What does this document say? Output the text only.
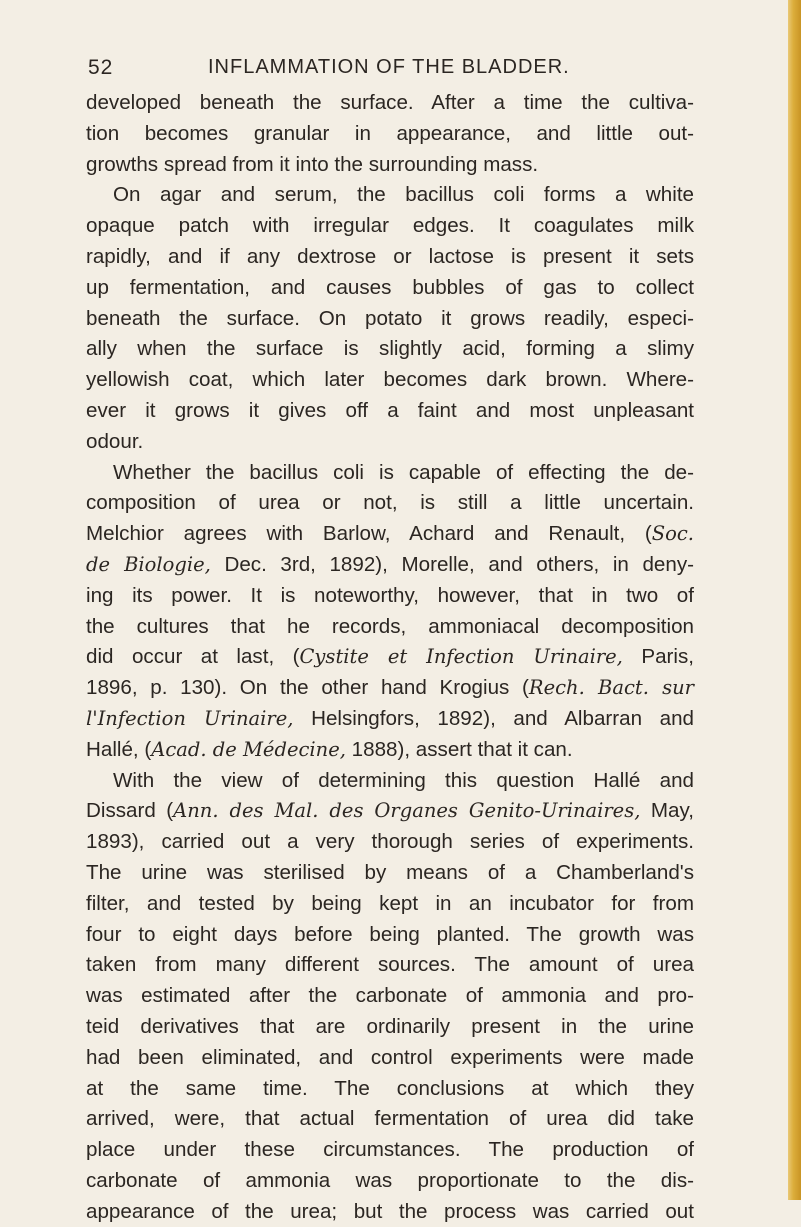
52	INFLAMMATION OF THE BLADDER.
developed beneath the surface. After a time the cultiva-
tion becomes granular in appearance, and little out-
growths spread from it into the surrounding mass.
On agar and serum, the bacillus coli forms a white
opaque patch with irregular edges. It coagulates milk
rapidly, and if any dextrose or lactose is present it sets
up fermentation, and causes bubbles of gas to collect
beneath the surface. On potato it grows readily, especi-
ally when the surface is slightly acid, forming a slimy
yellowish coat, which later becomes dark brown. Where-
ever it grows it gives off a faint and most unpleasant
odour.
Whether the bacillus coli is capable of effecting the de-
composition of urea or not, is still a little uncertain.
Melchior agrees with Barlow, Achard and Renault, (Soc.
de Biologie, Dec. 3rd, 1892), Morelle, and others, in deny-
ing its power. It is noteworthy, however, that in two of
the cultures that he records, ammoniacal decomposition
did occur at last, (Cystite et Infection Urinaire, Paris,
1896, p. 130). On the other hand Krogius (Rech. Bact. sur
l'Infection Urinaire, Helsingfors, 1892), and Albarran and
Hallé, (Acad. de Médecine, 1888), assert that it can.
With the view of determining this question Hallé and
Dissard (Ann. des Mal. des Organes Genito-Urinaires, May,
1893), carried out a very thorough series of experiments.
The urine was sterilised by means of a Chamberland's
filter, and tested by being kept in an incubator for from
four to eight days before being planted. The growth was
taken from many different sources. The amount of urea
was estimated after the carbonate of ammonia and pro-
teid derivatives that are ordinarily present in the urine
had been eliminated, and control experiments were made
at the same time. The conclusions at which they
arrived, were, that actual fermentation of urea did take
place under these circumstances. The production of
carbonate of ammonia was proportionate to the dis-
appearance of the urea; but the process was carried out
